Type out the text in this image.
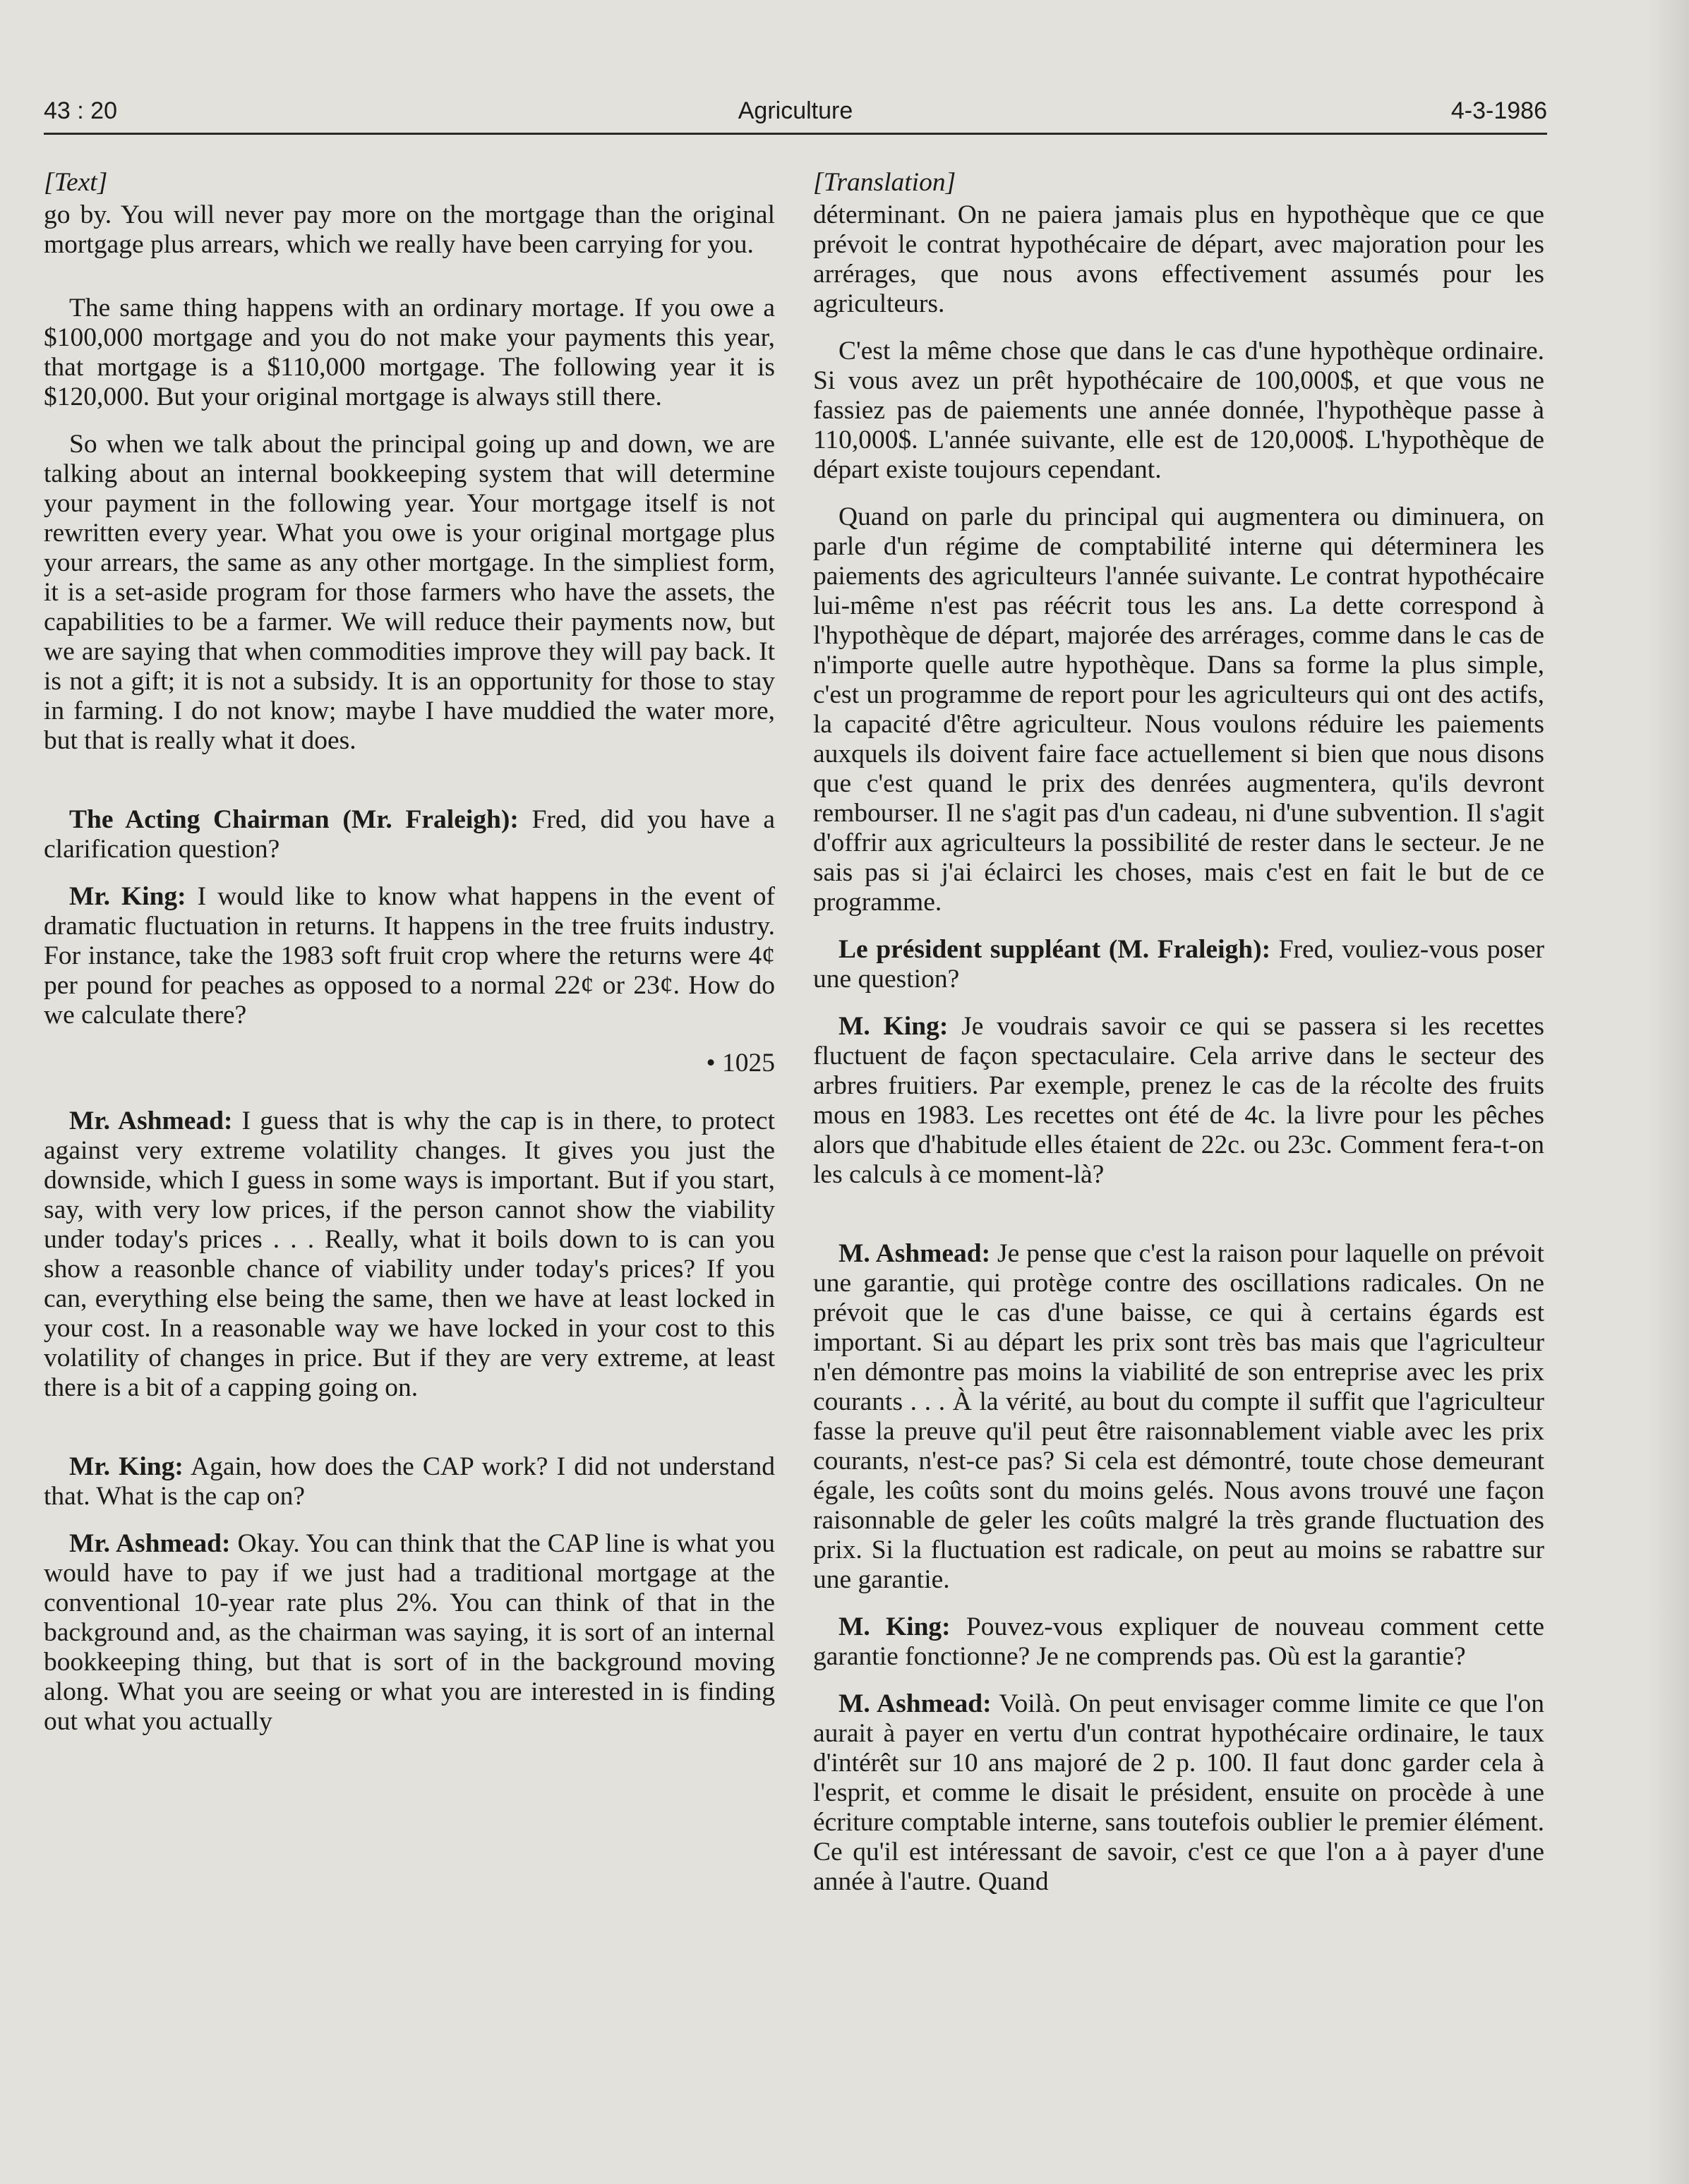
43 : 20	Agriculture	4-3-1986

[Text]

go by. You will never pay more on the mortgage than the original mortgage plus arrears, which we really have been carrying for you.

The same thing happens with an ordinary mortage. If you owe a $100,000 mortgage and you do not make your payments this year, that mortgage is a $110,000 mortgage. The following year it is $120,000. But your original mortgage is always still there.

So when we talk about the principal going up and down, we are talking about an internal bookkeeping system that will determine your payment in the following year. Your mortgage itself is not rewritten every year. What you owe is your original mortgage plus your arrears, the same as any other mortgage. In the simpliest form, it is a set-aside program for those farmers who have the assets, the capabilities to be a farmer. We will reduce their payments now, but we are saying that when commodities improve they will pay back. It is not a gift; it is not a subsidy. It is an opportunity for those to stay in farming. I do not know; maybe I have muddied the water more, but that is really what it does.

The Acting Chairman (Mr. Fraleigh): Fred, did you have a clarification question?

Mr. King: I would like to know what happens in the event of dramatic fluctuation in returns. It happens in the tree fruits industry. For instance, take the 1983 soft fruit crop where the returns were 4¢ per pound for peaches as opposed to a normal 22¢ or 23¢. How do we calculate there?

• 1025

Mr. Ashmead: I guess that is why the cap is in there, to protect against very extreme volatility changes. It gives you just the downside, which I guess in some ways is important. But if you start, say, with very low prices, if the person cannot show the viability under today's prices . . . Really, what it boils down to is can you show a reasonble chance of viability under today's prices? If you can, everything else being the same, then we have at least locked in your cost. In a reasonable way we have locked in your cost to this volatility of changes in price. But if they are very extreme, at least there is a bit of a capping going on.

Mr. King: Again, how does the CAP work? I did not understand that. What is the cap on?

Mr. Ashmead: Okay. You can think that the CAP line is what you would have to pay if we just had a traditional mortgage at the conventional 10-year rate plus 2%. You can think of that in the background and, as the chairman was saying, it is sort of an internal bookkeeping thing, but that is sort of in the background moving along. What you are seeing or what you are interested in is finding out what you actually

[Translation]

déterminant. On ne paiera jamais plus en hypothèque que ce que prévoit le contrat hypothécaire de départ, avec majoration pour les arrérages, que nous avons effectivement assumés pour les agriculteurs.

C'est la même chose que dans le cas d'une hypothèque ordinaire. Si vous avez un prêt hypothécaire de 100,000$, et que vous ne fassiez pas de paiements une année donnée, l'hypothèque passe à 110,000$. L'année suivante, elle est de 120,000$. L'hypothèque de départ existe toujours cependant.

Quand on parle du principal qui augmentera ou diminuera, on parle d'un régime de comptabilité interne qui déterminera les paiements des agriculteurs l'année suivante. Le contrat hypothécaire lui-même n'est pas réécrit tous les ans. La dette correspond à l'hypothèque de départ, majorée des arrérages, comme dans le cas de n'importe quelle autre hypothèque. Dans sa forme la plus simple, c'est un programme de report pour les agriculteurs qui ont des actifs, la capacité d'être agriculteur. Nous voulons réduire les paiements auxquels ils doivent faire face actuellement si bien que nous disons que c'est quand le prix des denrées augmentera, qu'ils devront rembourser. Il ne s'agit pas d'un cadeau, ni d'une subvention. Il s'agit d'offrir aux agriculteurs la possibilité de rester dans le secteur. Je ne sais pas si j'ai éclairci les choses, mais c'est en fait le but de ce programme.

Le président suppléant (M. Fraleigh): Fred, vouliez-vous poser une question?

M. King: Je voudrais savoir ce qui se passera si les recettes fluctuent de façon spectaculaire. Cela arrive dans le secteur des arbres fruitiers. Par exemple, prenez le cas de la récolte des fruits mous en 1983. Les recettes ont été de 4c. la livre pour les pêches alors que d'habitude elles étaient de 22c. ou 23c. Comment fera-t-on les calculs à ce moment-là?

M. Ashmead: Je pense que c'est la raison pour laquelle on prévoit une garantie, qui protège contre des oscillations radicales. On ne prévoit que le cas d'une baisse, ce qui à certains égards est important. Si au départ les prix sont très bas mais que l'agriculteur n'en démontre pas moins la viabilité de son entreprise avec les prix courants . . . À la vérité, au bout du compte il suffit que l'agriculteur fasse la preuve qu'il peut être raisonnablement viable avec les prix courants, n'est-ce pas? Si cela est démontré, toute chose demeurant égale, les coûts sont du moins gelés. Nous avons trouvé une façon raisonnable de geler les coûts malgré la très grande fluctuation des prix. Si la fluctuation est radicale, on peut au moins se rabattre sur une garantie.

M. King: Pouvez-vous expliquer de nouveau comment cette garantie fonctionne? Je ne comprends pas. Où est la garantie?

M. Ashmead: Voilà. On peut envisager comme limite ce que l'on aurait à payer en vertu d'un contrat hypothécaire ordinaire, le taux d'intérêt sur 10 ans majoré de 2 p. 100. Il faut donc garder cela à l'esprit, et comme le disait le président, ensuite on procède à une écriture comptable interne, sans toutefois oublier le premier élément. Ce qu'il est intéressant de savoir, c'est ce que l'on a à payer d'une année à l'autre. Quand
